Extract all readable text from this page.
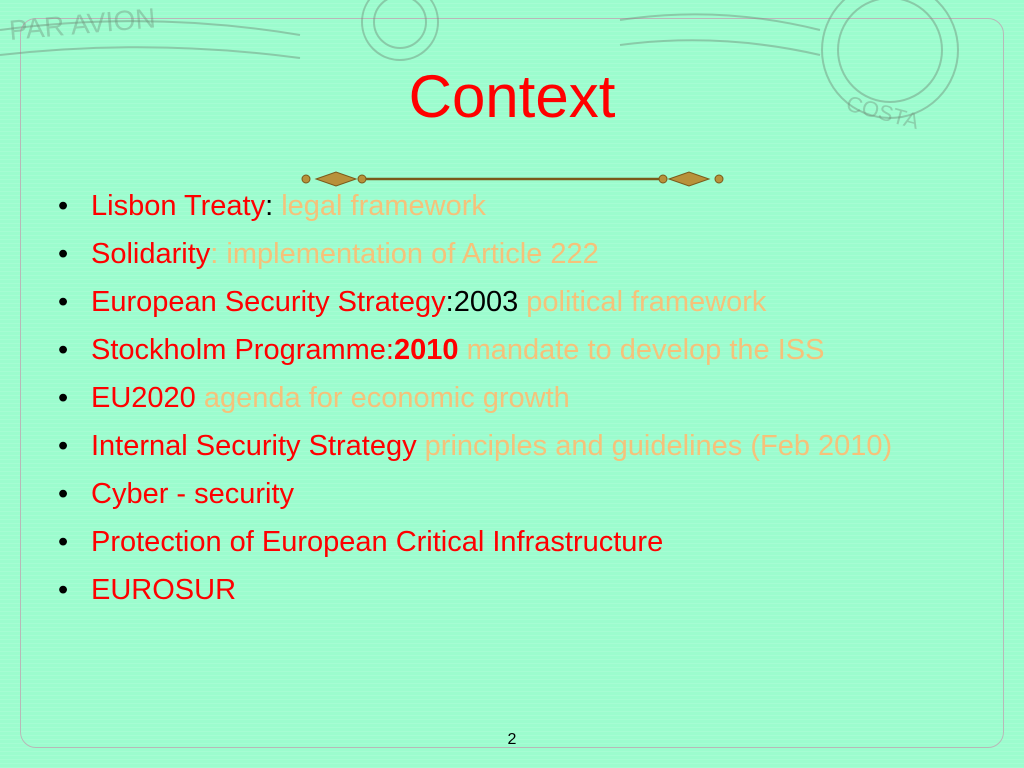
PAR AVION
COSTA
Context
• Lisbon Treaty: legal framework
• Solidarity: implementation of Article 222
• European Security Strategy:2003 political framework
• Stockholm Programme:2010 mandate to develop the ISS
• EU2020 agenda for economic growth
• Internal Security Strategy principles and guidelines (Feb 2010)
• Cyber - security
• Protection of European Critical Infrastructure
• EUROSUR
2
